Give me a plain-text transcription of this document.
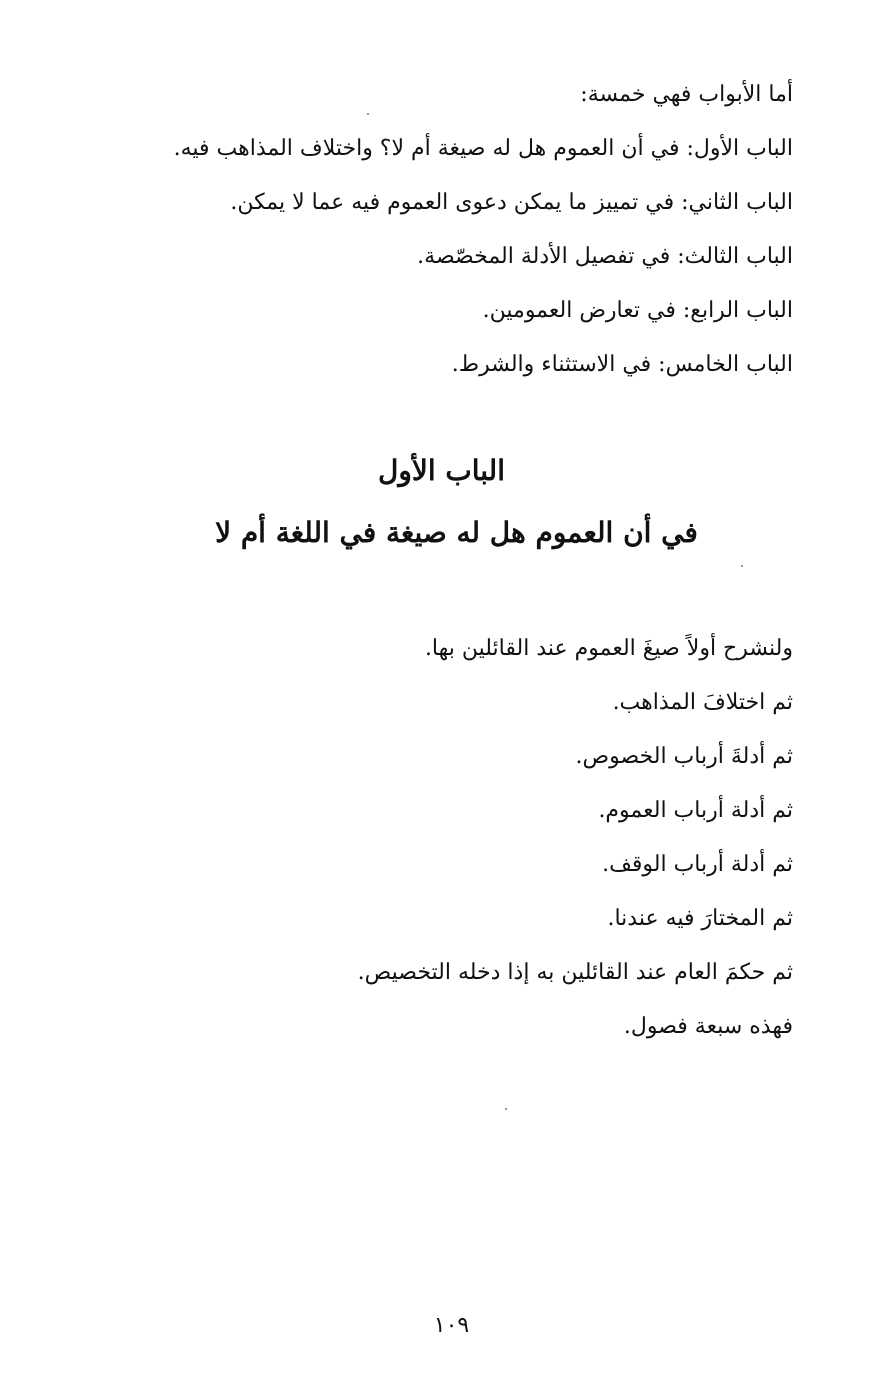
أما الأبواب فهي خمسة:
الباب الأول: في أن العموم هل له صيغة أم لا؟ واختلاف المذاهب فيه.
الباب الثاني: في تمييز ما يمكن دعوى العموم فيه عما لا يمكن.
الباب الثالث: في تفصيل الأدلة المخصّصة.
الباب الرابع: في تعارض العمومين.
الباب الخامس: في الاستثناء والشرط.
الباب الأول
في أن العموم هل له صيغة في اللغة أم لا
ولنشرح أولاً صيغَ العموم عند القائلين بها.
ثم اختلافَ المذاهب.
ثم أدلةَ أرباب الخصوص.
ثم أدلة أرباب العموم.
ثم أدلة أرباب الوقف.
ثم المختارَ فيه عندنا.
ثم حكمَ العام عند القائلين به إذا دخله التخصيص.
فهذه سبعة فصول.
١٠٩
